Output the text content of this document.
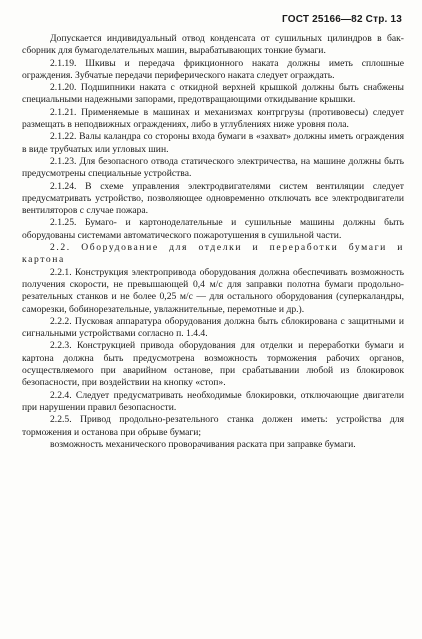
ГОСТ 25166—82 Стр. 13

Допускается индивидуальный отвод конденсата от сушильных цилиндров в бак-сборник для бумагоделательных машин, вырабатывающих тонкие бумаги.

2.1.19. Шкивы и передача фрикционного наката должны иметь сплошные ограждения. Зубчатые передачи периферического наката следует ограждать.

2.1.20. Подшипники наката с откидной верхней крышкой должны быть снабжены специальными надежными запорами, предотвращающими откидывание крышки.

2.1.21. Применяемые в машинах и механизмах контргрузы (противовесы) следует размещать в неподвижных ограждениях, либо в углублениях ниже уровня пола.

2.1.22. Валы каландра со стороны входа бумаги в «захват» должны иметь ограждения в виде трубчатых или угловых шин.

2.1.23. Для безопасного отвода статического электричества, на машине должны быть предусмотрены специальные устройства.

2.1.24. В схеме управления электродвигателями систем вентиляции следует предусматривать устройство, позволяющее одновременно отключать все электродвигатели вентиляторов с случае пожара.

2.1.25. Бумаго- и картоноделательные и сушильные машины должны быть оборудованы системами автоматического пожаротушения в сушильной части.

2.2. Оборудование для отделки и переработки бумаги и картона

2.2.1. Конструкция электропривода оборудования должна обеспечивать возможность получения скорости, не превышающей 0,4 м/с для заправки полотна бумаги продольно-резательных станков и не более 0,25 м/с — для остального оборудования (суперкаландры, саморезки, бобинорезательные, увлажнительные, перемотные и др.).

2.2.2. Пусковая аппаратура оборудования должна быть сблокирована с защитными и сигнальными устройствами согласно п. 1.4.4.

2.2.3. Конструкцией привода оборудования для отделки и переработки бумаги и картона должна быть предусмотрена возможность торможения рабочих органов, осуществляемого при аварийном останове, при срабатывании любой из блокировок безопасности, при воздействии на кнопку «стоп».

2.2.4. Следует предусматривать необходимые блокировки, отключающие двигатели при нарушении правил безопасности.

2.2.5. Привод продольно-резательного станка должен иметь: устройства для торможения и останова при обрыве бумаги;

возможность механического проворачивания раската при заправке бумаги.
